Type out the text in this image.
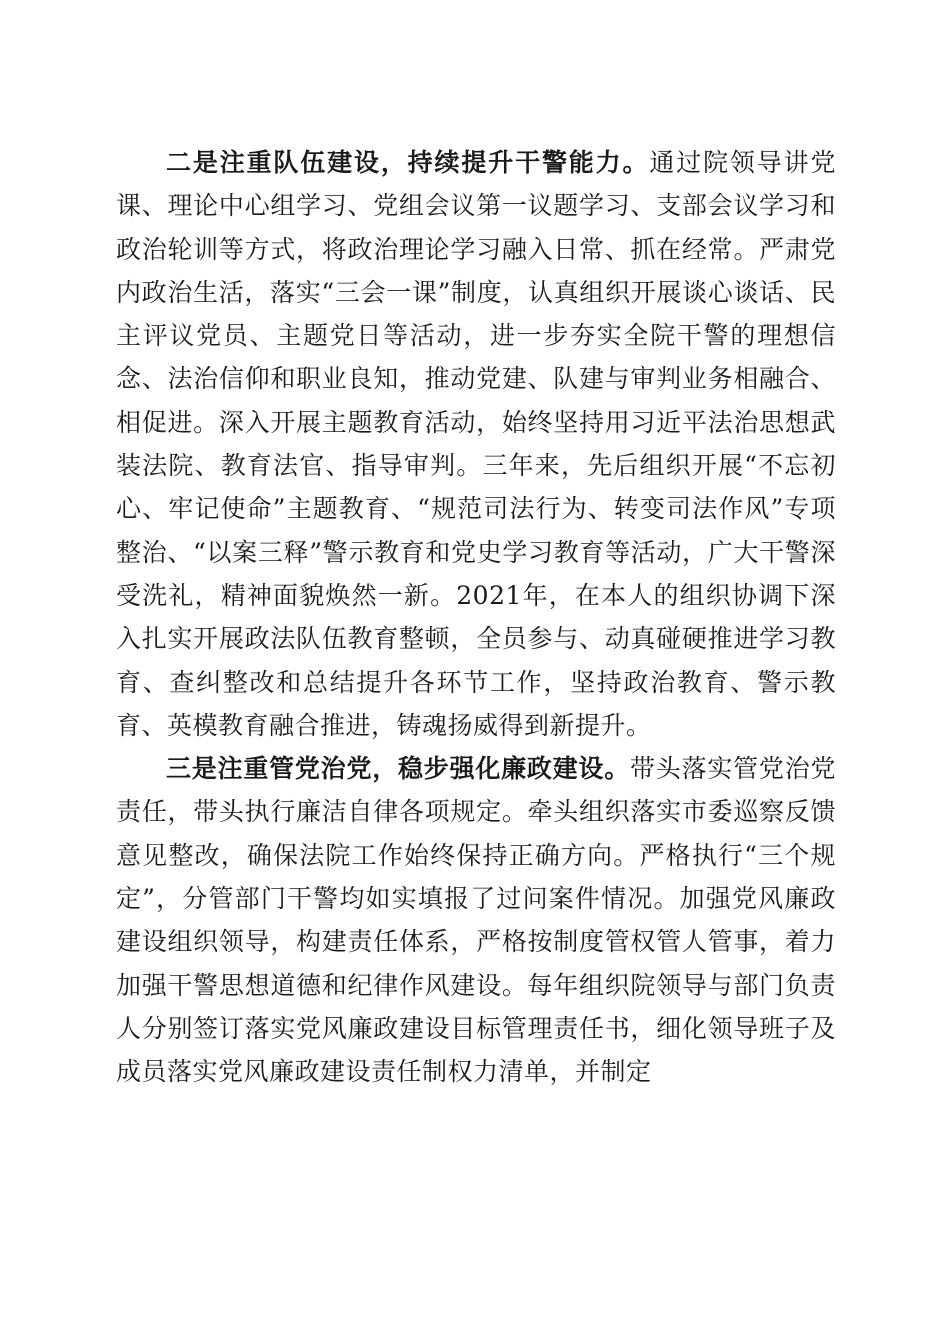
二是注重队伍建设，持续提升干警能力。通过院领导讲党课、理论中心组学习、党组会议第一议题学习、支部会议学习和政治轮训等方式，将政治理论学习融入日常、抓在经常。严肃党内政治生活，落实“三会一课”制度，认真组织开展谈心谈话、民主评议党员、主题党日等活动，进一步夯实全院干警的理想信念、法治信仰和职业良知，推动党建、队建与审判业务相融合、相促进。深入开展主题教育活动，始终坚持用习近平法治思想武装法院、教育法官、指导审判。三年来，先后组织开展“不忘初心、牢记使命”主题教育、“规范司法行为、转变司法作风”专项整治、“以案三释”警示教育和党史学习教育等活动，广大干警深受洗礼，精神面貌焕然一新。2021年，在本人的组织协调下深入扎实开展政法队伍教育整顿，全员参与、动真碰硬推进学习教育、查纠整改和总结提升各环节工作，坚持政治教育、警示教育、英模教育融合推进，铸魂扬威得到新提升。

三是注重管党治党，稳步强化廉政建设。带头落实管党治党责任，带头执行廉洁自律各项规定。牵头组织落实市委巡察反馈意见整改，确保法院工作始终保持正确方向。严格执行“三个规定”，分管部门干警均如实填报了过问案件情况。加强党风廉政建设组织领导，构建责任体系，严格按制度管权管人管事，着力加强干警思想道德和纪律作风建设。每年组织院领导与部门负责人分别签订落实党风廉政建设目标管理责任书，细化领导班子及成员落实党风廉政建设责任制权力清单，并制定
